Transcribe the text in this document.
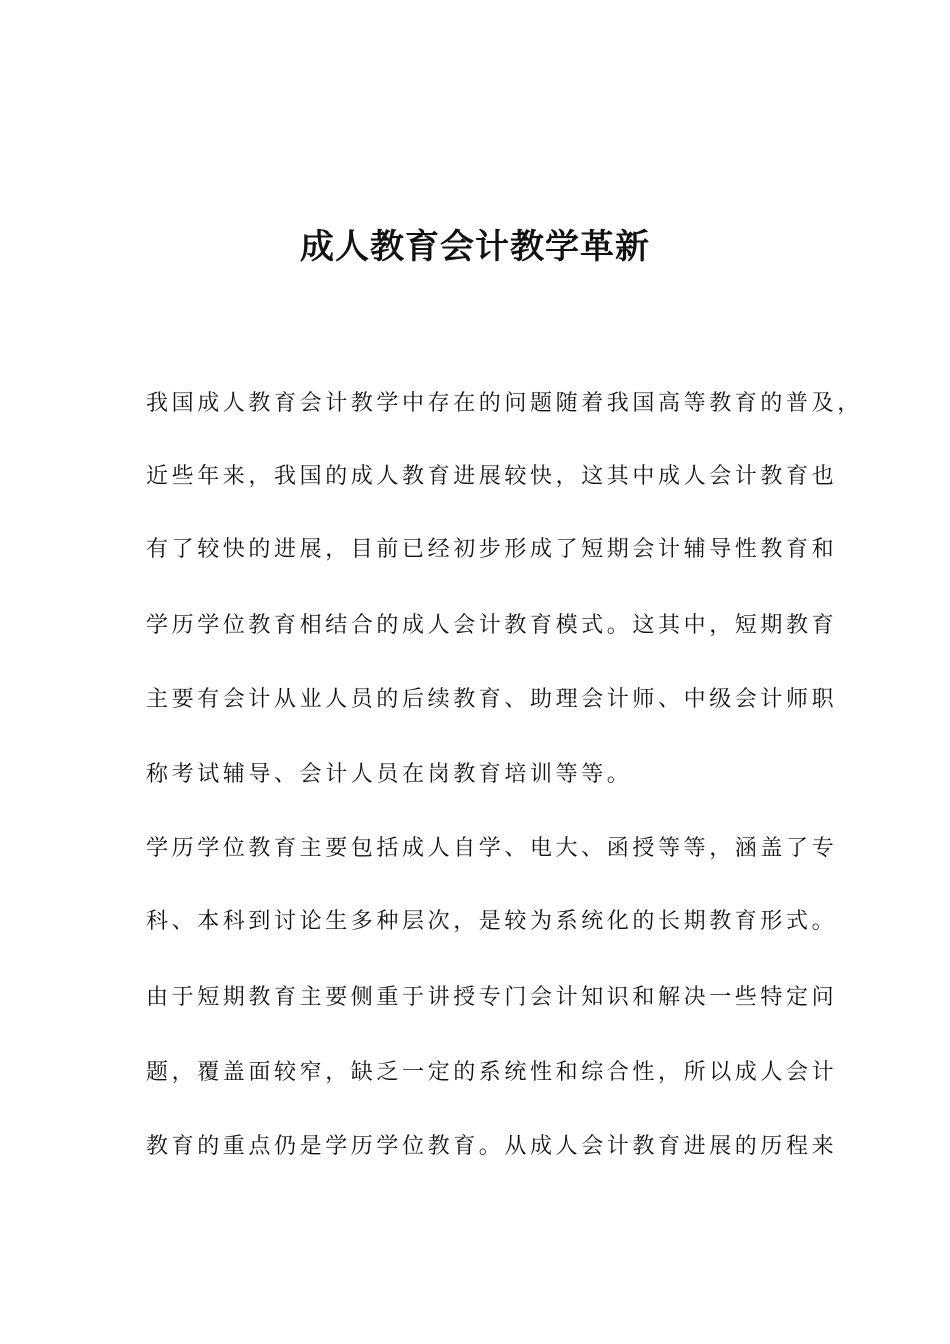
成人教育会计教学革新

我国成人教育会计教学中存在的问题随着我国高等教育的普及，

近些年来，我国的成人教育进展较快，这其中成人会计教育也

有了较快的进展，目前已经初步形成了短期会计辅导性教育和

学历学位教育相结合的成人会计教育模式。这其中，短期教育

主要有会计从业人员的后续教育、助理会计师、中级会计师职

称考试辅导、会计人员在岗教育培训等等。

学历学位教育主要包括成人自学、电大、函授等等，涵盖了专

科、本科到讨论生多种层次，是较为系统化的长期教育形式。

由于短期教育主要侧重于讲授专门会计知识和解决一些特定问

题，覆盖面较窄，缺乏一定的系统性和综合性，所以成人会计

教育的重点仍是学历学位教育。从成人会计教育进展的历程来
